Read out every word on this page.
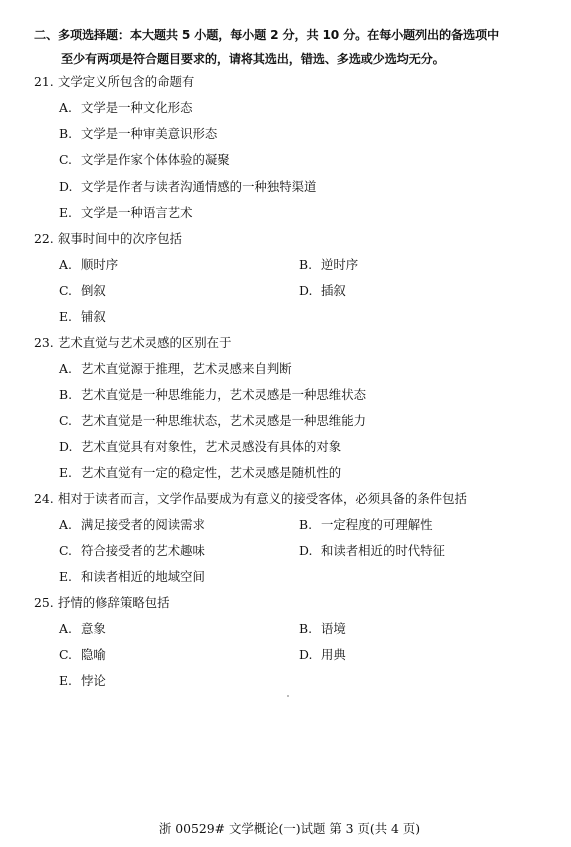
二、多项选择题：本大题共 5 小题，每小题 2 分，共 10 分。在每小题列出的备选项中
至少有两项是符合题目要求的，请将其选出，错选、多选或少选均无分。
21. 文学定义所包含的命题有
A. 文学是一种文化形态
B. 文学是一种审美意识形态
C. 文学是作家个体体验的凝聚
D. 文学是作者与读者沟通情感的一种独特渠道
E. 文学是一种语言艺术
22. 叙事时间中的次序包括
A. 顺时序	B. 逆时序
C. 倒叙	D. 插叙
E. 铺叙
23. 艺术直觉与艺术灵感的区别在于
A. 艺术直觉源于推理，艺术灵感来自判断
B. 艺术直觉是一种思维能力，艺术灵感是一种思维状态
C. 艺术直觉是一种思维状态，艺术灵感是一种思维能力
D. 艺术直觉具有对象性，艺术灵感没有具体的对象
E. 艺术直觉有一定的稳定性，艺术灵感是随机性的
24. 相对于读者而言，文学作品要成为有意义的接受客体，必须具备的条件包括
A. 满足接受者的阅读需求	B. 一定程度的可理解性
C. 符合接受者的艺术趣味	D. 和读者相近的时代特征
E. 和读者相近的地域空间
25. 抒情的修辞策略包括
A. 意象	B. 语境
C. 隐喻	D. 用典
E. 悖论
浙 00529# 文学概论(一)试题 第 3 页(共 4 页)
